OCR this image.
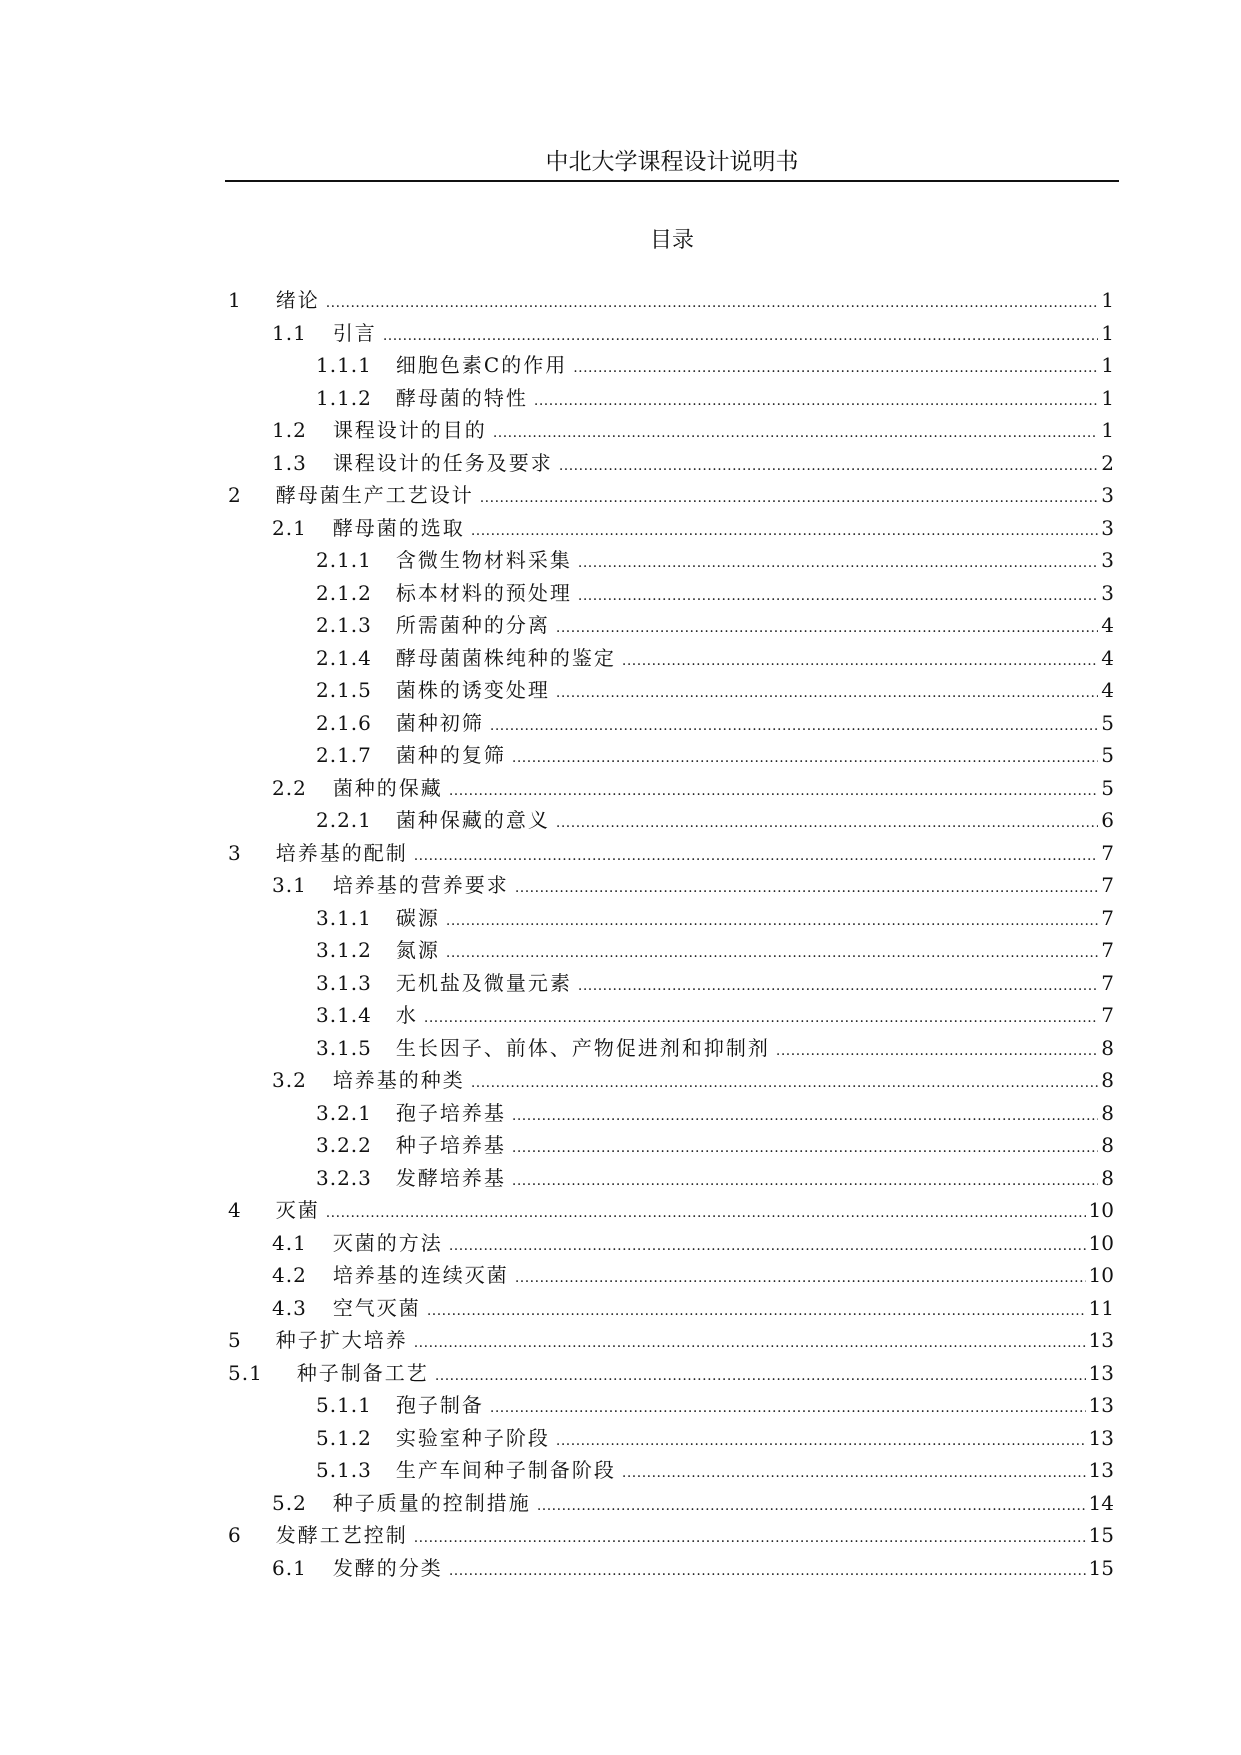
中北大学课程设计说明书
目录
1 绪论 .....	1
1.1 引言 .....	1
1.1.1 细胞色素C的作用 .....	1
1.1.2 酵母菌的特性 .....	1
1.2 课程设计的目的 .....	1
1.3 课程设计的任务及要求 .....	2
2 酵母菌生产工艺设计 .....	3
2.1 酵母菌的选取 .....	3
2.1.1 含微生物材料采集 .....	3
2.1.2 标本材料的预处理 .....	3
2.1.3 所需菌种的分离 .....	4
2.1.4 酵母菌菌株纯种的鉴定 .....	4
2.1.5 菌株的诱变处理 .....	4
2.1.6 菌种初筛 .....	5
2.1.7 菌种的复筛 .....	5
2.2 菌种的保藏 .....	5
2.2.1 菌种保藏的意义 .....	6
3 培养基的配制 .....	7
3.1 培养基的营养要求 .....	7
3.1.1 碳源 .....	7
3.1.2 氮源 .....	7
3.1.3 无机盐及微量元素 .....	7
3.1.4 水 .....	7
3.1.5 生长因子、前体、产物促进剂和抑制剂 .....	8
3.2 培养基的种类 .....	8
3.2.1 孢子培养基 .....	8
3.2.2 种子培养基 .....	8
3.2.3 发酵培养基 .....	8
4 灭菌 .....	10
4.1 灭菌的方法 .....	10
4.2 培养基的连续灭菌 .....	10
4.3 空气灭菌 .....	11
5 种子扩大培养 .....	13
5.1 种子制备工艺 .....	13
5.1.1 孢子制备 .....	13
5.1.2 实验室种子阶段 .....	13
5.1.3 生产车间种子制备阶段 .....	13
5.2 种子质量的控制措施 .....	14
6 发酵工艺控制 .....	15
6.1 发酵的分类 .....	15
